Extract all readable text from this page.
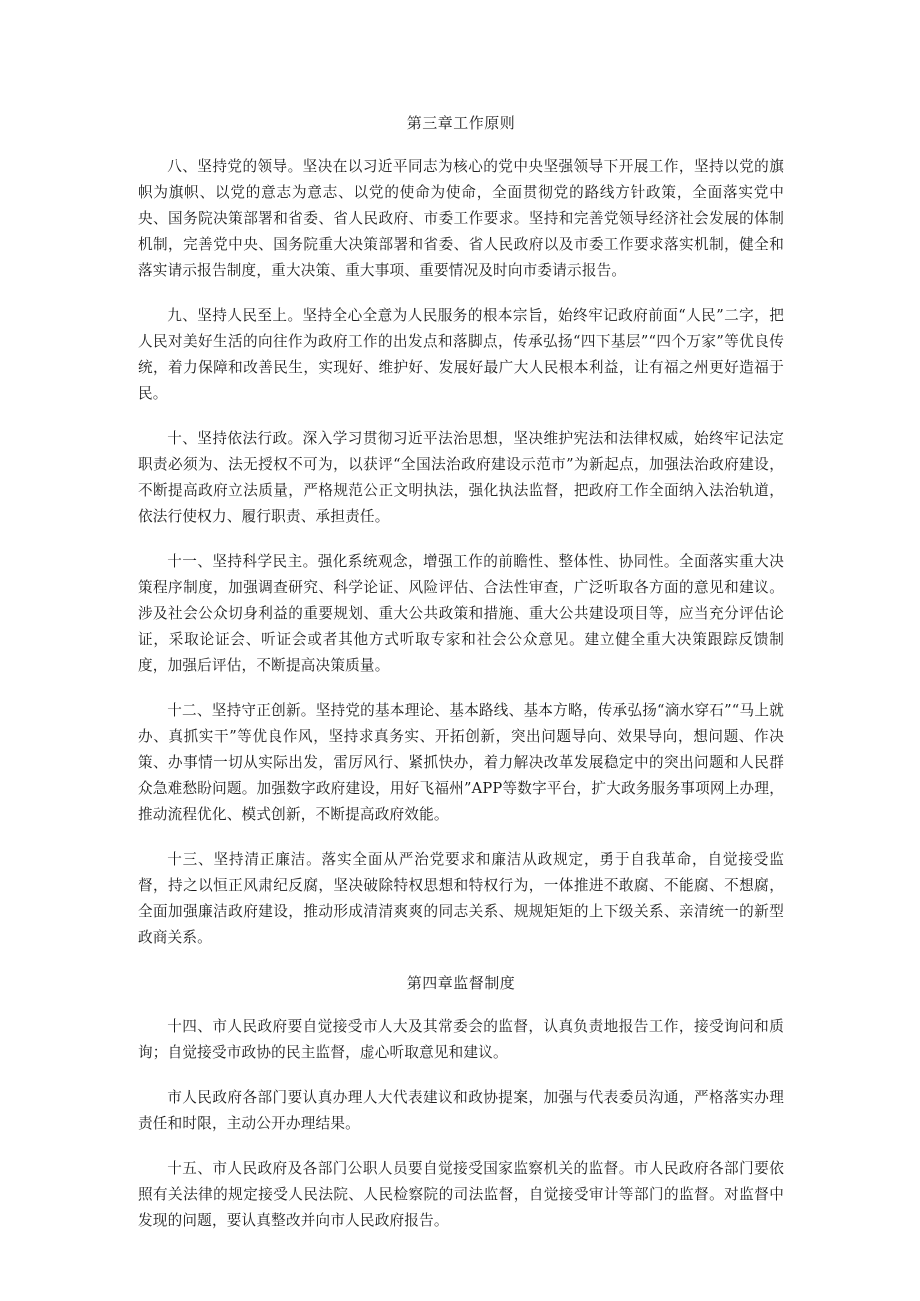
第三章工作原则

八、坚持党的领导。坚决在以习近平同志为核心的党中央坚强领导下开展工作，坚持以党的旗帜为旗帜、以党的意志为意志、以党的使命为使命，全面贯彻党的路线方针政策，全面落实党中央、国务院决策部署和省委、省人民政府、市委工作要求。坚持和完善党领导经济社会发展的体制机制，完善党中央、国务院重大决策部署和省委、省人民政府以及市委工作要求落实机制，健全和落实请示报告制度，重大决策、重大事项、重要情况及时向市委请示报告。

九、坚持人民至上。坚持全心全意为人民服务的根本宗旨，始终牢记政府前面“人民”二字，把人民对美好生活的向往作为政府工作的出发点和落脚点，传承弘扬“四下基层”“四个万家”等优良传统，着力保障和改善民生，实现好、维护好、发展好最广大人民根本利益，让有福之州更好造福于民。

十、坚持依法行政。深入学习贯彻习近平法治思想，坚决维护宪法和法律权威，始终牢记法定职责必须为、法无授权不可为，以获评“全国法治政府建设示范市”为新起点，加强法治政府建设，不断提高政府立法质量，严格规范公正文明执法，强化执法监督，把政府工作全面纳入法治轨道，依法行使权力、履行职责、承担责任。

十一、坚持科学民主。强化系统观念，增强工作的前瞻性、整体性、协同性。全面落实重大决策程序制度，加强调查研究、科学论证、风险评估、合法性审查，广泛听取各方面的意见和建议。涉及社会公众切身利益的重要规划、重大公共政策和措施、重大公共建设项目等，应当充分评估论证，采取论证会、听证会或者其他方式听取专家和社会公众意见。建立健全重大决策跟踪反馈制度，加强后评估，不断提高决策质量。

十二、坚持守正创新。坚持党的基本理论、基本路线、基本方略，传承弘扬“滴水穿石”“马上就办、真抓实干”等优良作风，坚持求真务实、开拓创新，突出问题导向、效果导向，想问题、作决策、办事情一切从实际出发，雷厉风行、紧抓快办，着力解决改革发展稳定中的突出问题和人民群众急难愁盼问题。加强数字政府建设，用好飞福州”APP等数字平台，扩大政务服务事项网上办理，推动流程优化、模式创新，不断提高政府效能。

十三、坚持清正廉洁。落实全面从严治党要求和廉洁从政规定，勇于自我革命，自觉接受监督，持之以恒正风肃纪反腐，坚决破除特权思想和特权行为，一体推进不敢腐、不能腐、不想腐，全面加强廉洁政府建设，推动形成清清爽爽的同志关系、规规矩矩的上下级关系、亲清统一的新型政商关系。

第四章监督制度

十四、市人民政府要自觉接受市人大及其常委会的监督，认真负责地报告工作，接受询问和质询；自觉接受市政协的民主监督，虚心听取意见和建议。

市人民政府各部门要认真办理人大代表建议和政协提案，加强与代表委员沟通，严格落实办理责任和时限，主动公开办理结果。

十五、市人民政府及各部门公职人员要自觉接受国家监察机关的监督。市人民政府各部门要依照有关法律的规定接受人民法院、人民检察院的司法监督，自觉接受审计等部门的监督。对监督中发现的问题，要认真整改并向市人民政府报告。
